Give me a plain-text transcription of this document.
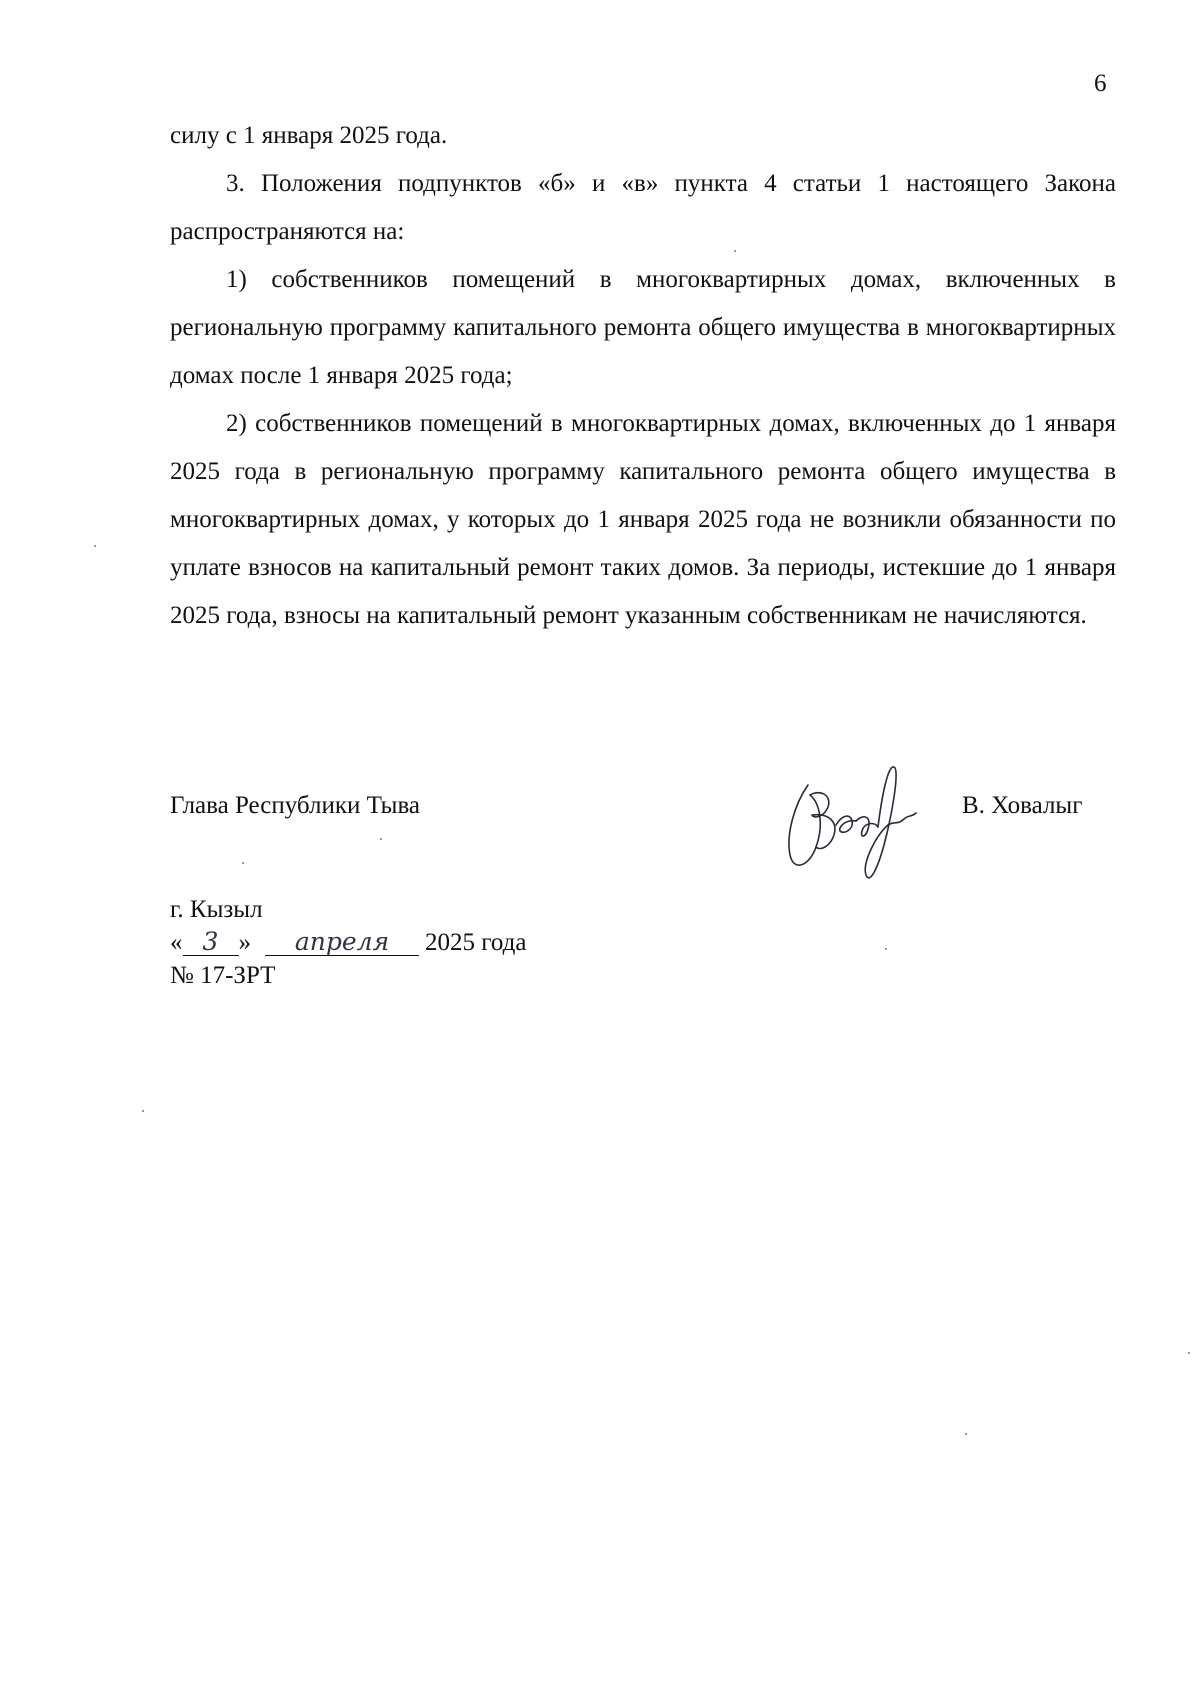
6

силу с 1 января 2025 года.

3. Положения подпунктов «б» и «в» пункта 4 статьи 1 настоящего Закона распространяются на:

1) собственников помещений в многоквартирных домах, включенных в региональную программу капитального ремонта общего имущества в многоквартирных домах после 1 января 2025 года;

2) собственников помещений в многоквартирных домах, включенных до 1 января 2025 года в региональную программу капитального ремонта общего имущества в многоквартирных домах, у которых до 1 января 2025 года не возникли обязанности по уплате взносов на капитальный ремонт таких домов. За периоды, истекшие до 1 января 2025 года, взносы на капитальный ремонт указанным собственникам не начисляются.

Глава Республики Тыва	В. Ховалыг
г. Кызыл
« 3 » апреля 2025 года
№ 17-ЗРТ
